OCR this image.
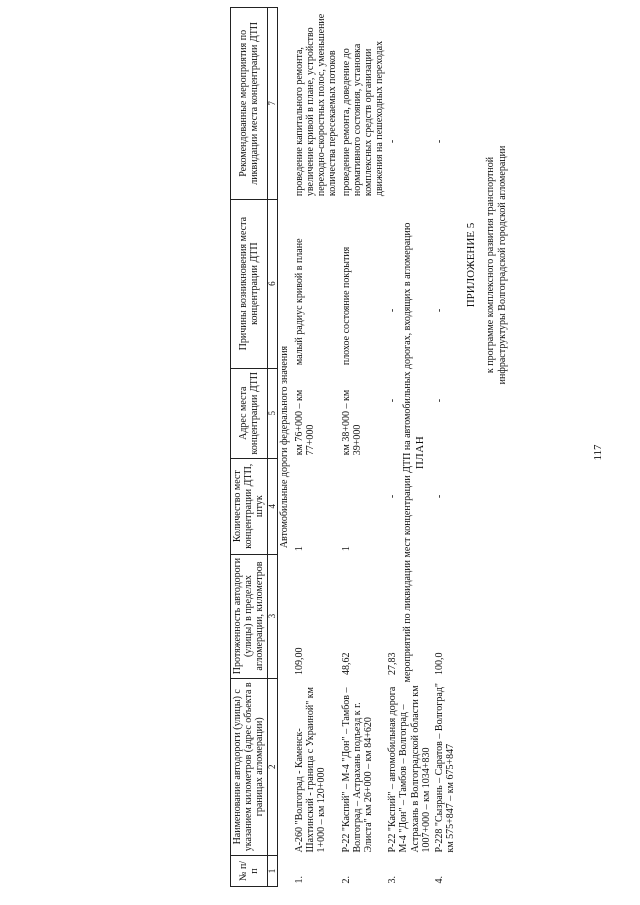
117
ПРИЛОЖЕНИЕ 5 к программе комплексного развития транспортной инфраструктуры Волгоградской городской агломерации
ПЛАН
мероприятий по ликвидации мест концентрации ДТП на автомобильных дорогах, входящих в агломерацию
№ п/п	Наименование автодороги (улицы) с указанием километров (адрес объекта в границах агломерации)	Протяженность автодороги (улицы) в пределах агломерации, километров	Количество мест концентрации ДТП, штук	Адрес места концентрации ДТП	Причины возникновения места концентрации ДТП	Рекомендованные мероприятия по ликвидации места концентрации ДТП
1	2	3	4	5	6	7
Автомобильные дороги федерального значения						
1.	А-260 "Волгоград - Каменск-Шахтинский - граница с Украиной" км 1+000 – км 120+000	109,00	1	км 76+000 – км 77+000	малый радиус кривой в плане	проведение капитального ремонта, увеличение кривой в плане, устройство переходно-скоростных полос, уменьшение количества пересекаемых потоков
2.	Р-22 "Каспий" – М-4 "Дон" – Тамбов – Волгоград – Астрахань подъезд к г. Элиста" км 26+000 – км 84+620	48,62	1	км 38+000 – км 39+000	плохое состояние покрытия	проведение ремонта, доведение до нормативного состояния, установка комплексных средств организации движения на пешеходных переходах
3.	Р-22 "Каспий" – автомобильная дорога М-4 "Дон" – Тамбов – Волгоград – Астрахань в Волгоградской области км 1007+000 – км 1034+830	27,83	-	-	-	-
4.	Р-228 "Сызрань – Саратов – Волгоград" км 575+847 – км 675+847	100,0	-	-	-	-
